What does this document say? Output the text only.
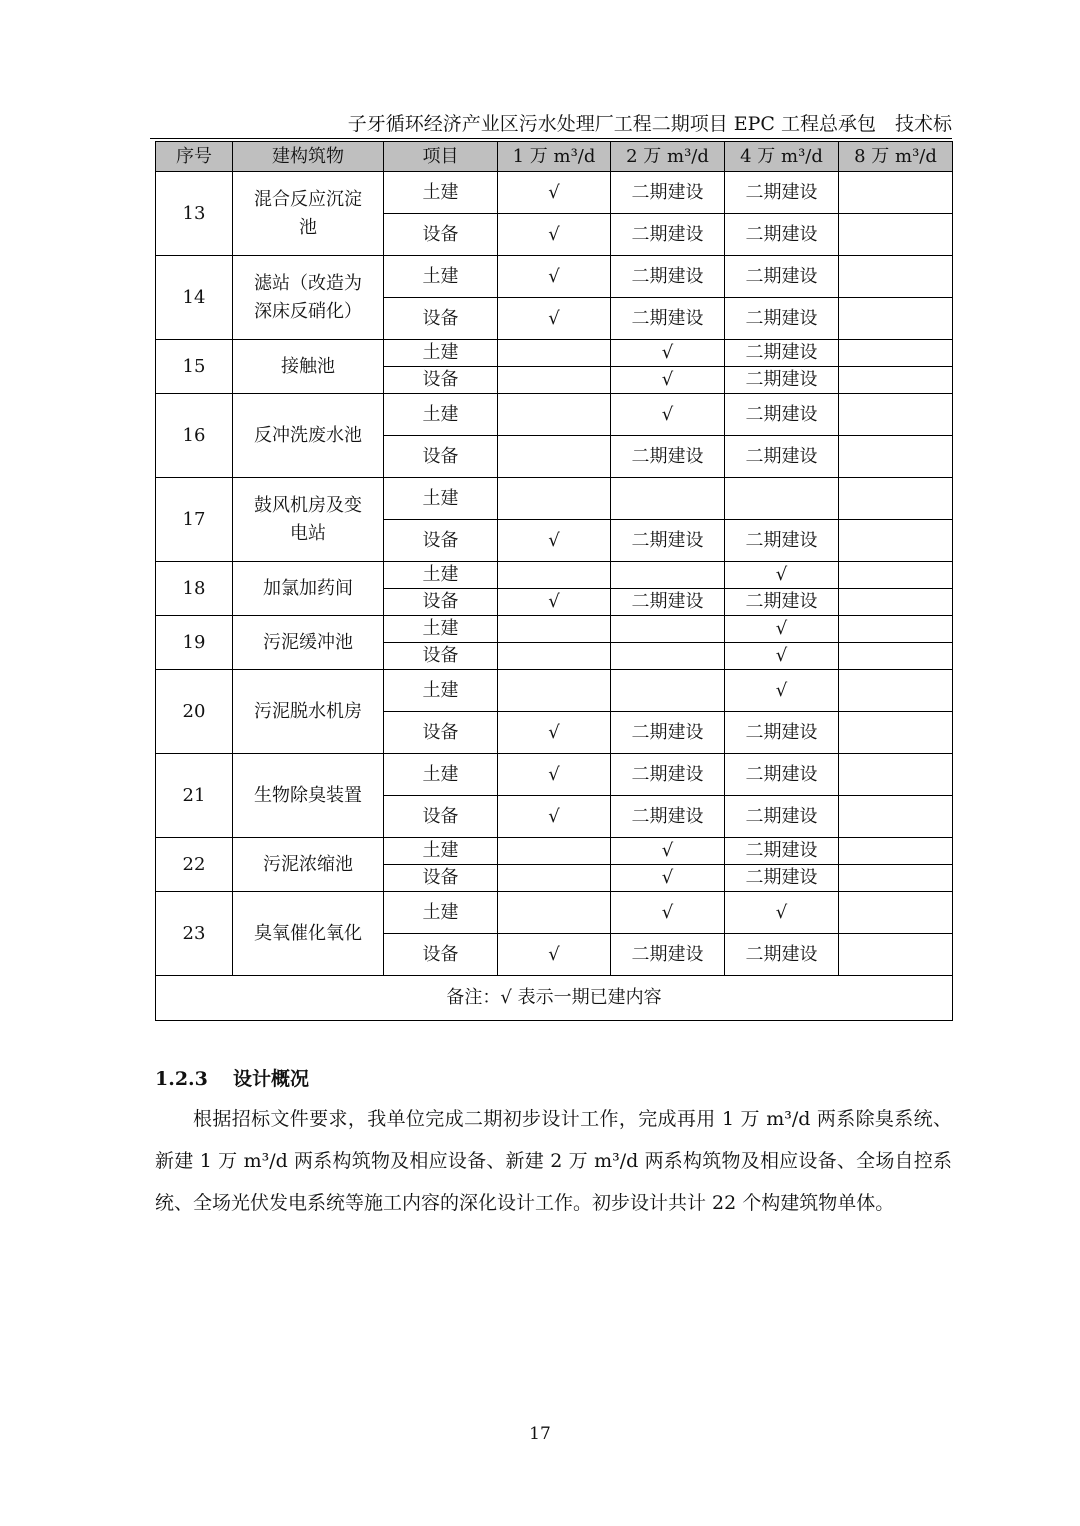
子牙循环经济产业区污水处理厂工程二期项目 EPC 工程总承包　技术标
序号	建构筑物	项目	1 万 m³/d	2 万 m³/d	4 万 m³/d	8 万 m³/d
13	混合反应沉淀池	土建	√	二期建设	二期建设	
		设备	√	二期建设	二期建设	
14	滤站（改造为深床反硝化）	土建	√	二期建设	二期建设	
		设备	√	二期建设	二期建设	
15	接触池	土建		√	二期建设	
		设备		√	二期建设	
16	反冲洗废水池	土建		√	二期建设	
		设备		二期建设	二期建设	
17	鼓风机房及变电站	土建				
		设备	√	二期建设	二期建设	
18	加氯加药间	土建			√	
		设备	√	二期建设	二期建设	
19	污泥缓冲池	土建			√	
		设备			√	
20	污泥脱水机房	土建			√	
		设备	√	二期建设	二期建设	
21	生物除臭装置	土建	√	二期建设	二期建设	
		设备	√	二期建设	二期建设	
22	污泥浓缩池	土建		√	二期建设	
		设备		√	二期建设	
23	臭氧催化氧化	土建		√	√	
		设备	√	二期建设	二期建设	
备注：√ 表示一期已建内容						
1.2.3 设计概况

根据招标文件要求，我单位完成二期初步设计工作，完成再用 1 万 m³/d 两系除臭系统、新建 1 万 m³/d 两系构筑物及相应设备、新建 2 万 m³/d 两系构筑物及相应设备、全场自控系统、全场光伏发电系统等施工内容的深化设计工作。初步设计共计 22 个构建筑物单体。

17
